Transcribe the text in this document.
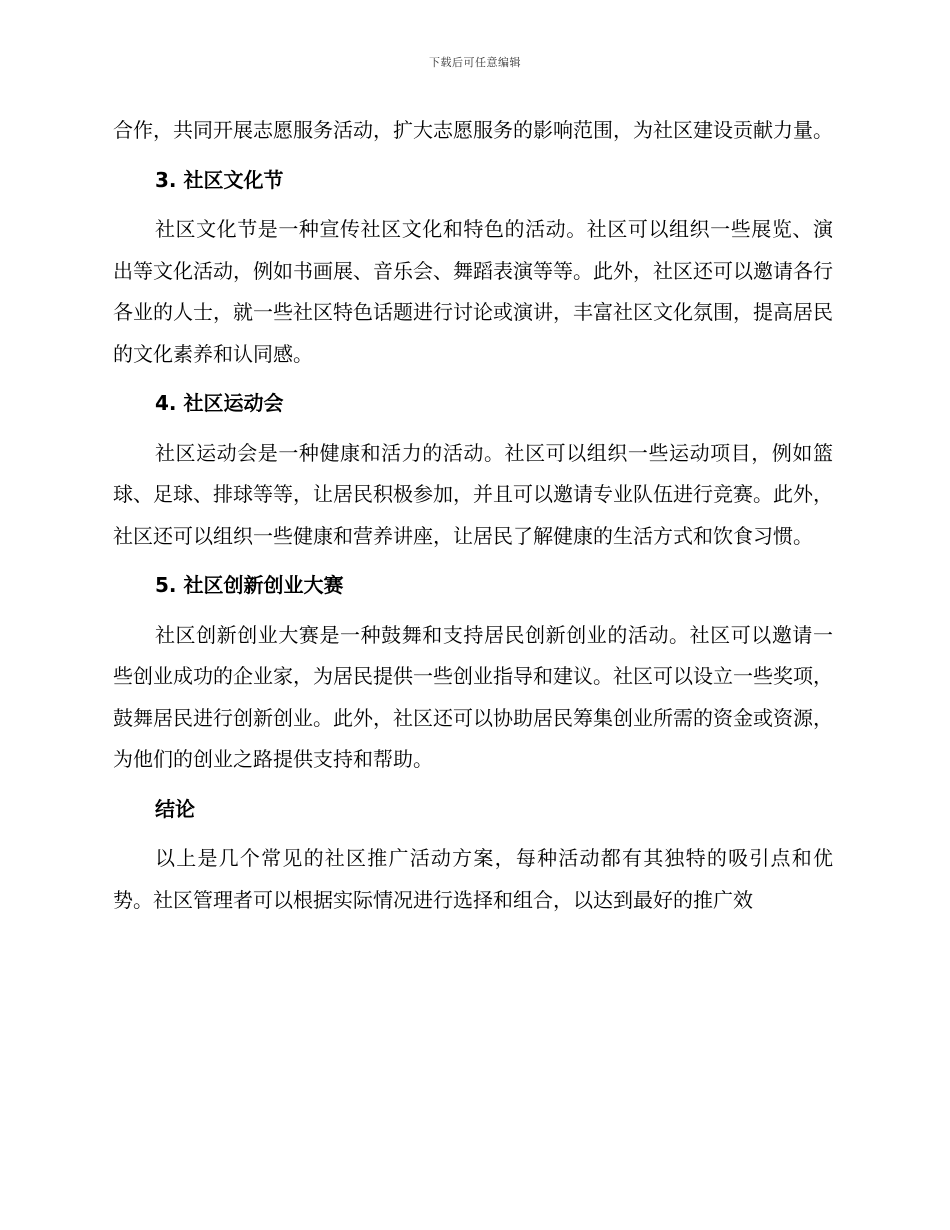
下载后可任意编辑

合作，共同开展志愿服务活动，扩大志愿服务的影响范围，为社区建设贡献力量。

3. 社区文化节

社区文化节是一种宣传社区文化和特色的活动。社区可以组织一些展览、演出等文化活动，例如书画展、音乐会、舞蹈表演等等。此外，社区还可以邀请各行各业的人士，就一些社区特色话题进行讨论或演讲，丰富社区文化氛围，提高居民的文化素养和认同感。

4. 社区运动会

社区运动会是一种健康和活力的活动。社区可以组织一些运动项目，例如篮球、足球、排球等等，让居民积极参加，并且可以邀请专业队伍进行竞赛。此外，社区还可以组织一些健康和营养讲座，让居民了解健康的生活方式和饮食习惯。

5. 社区创新创业大赛

社区创新创业大赛是一种鼓舞和支持居民创新创业的活动。社区可以邀请一些创业成功的企业家，为居民提供一些创业指导和建议。社区可以设立一些奖项，鼓舞居民进行创新创业。此外，社区还可以协助居民筹集创业所需的资金或资源，为他们的创业之路提供支持和帮助。

结论

以上是几个常见的社区推广活动方案，每种活动都有其独特的吸引点和优势。社区管理者可以根据实际情况进行选择和组合，以达到最好的推广效
